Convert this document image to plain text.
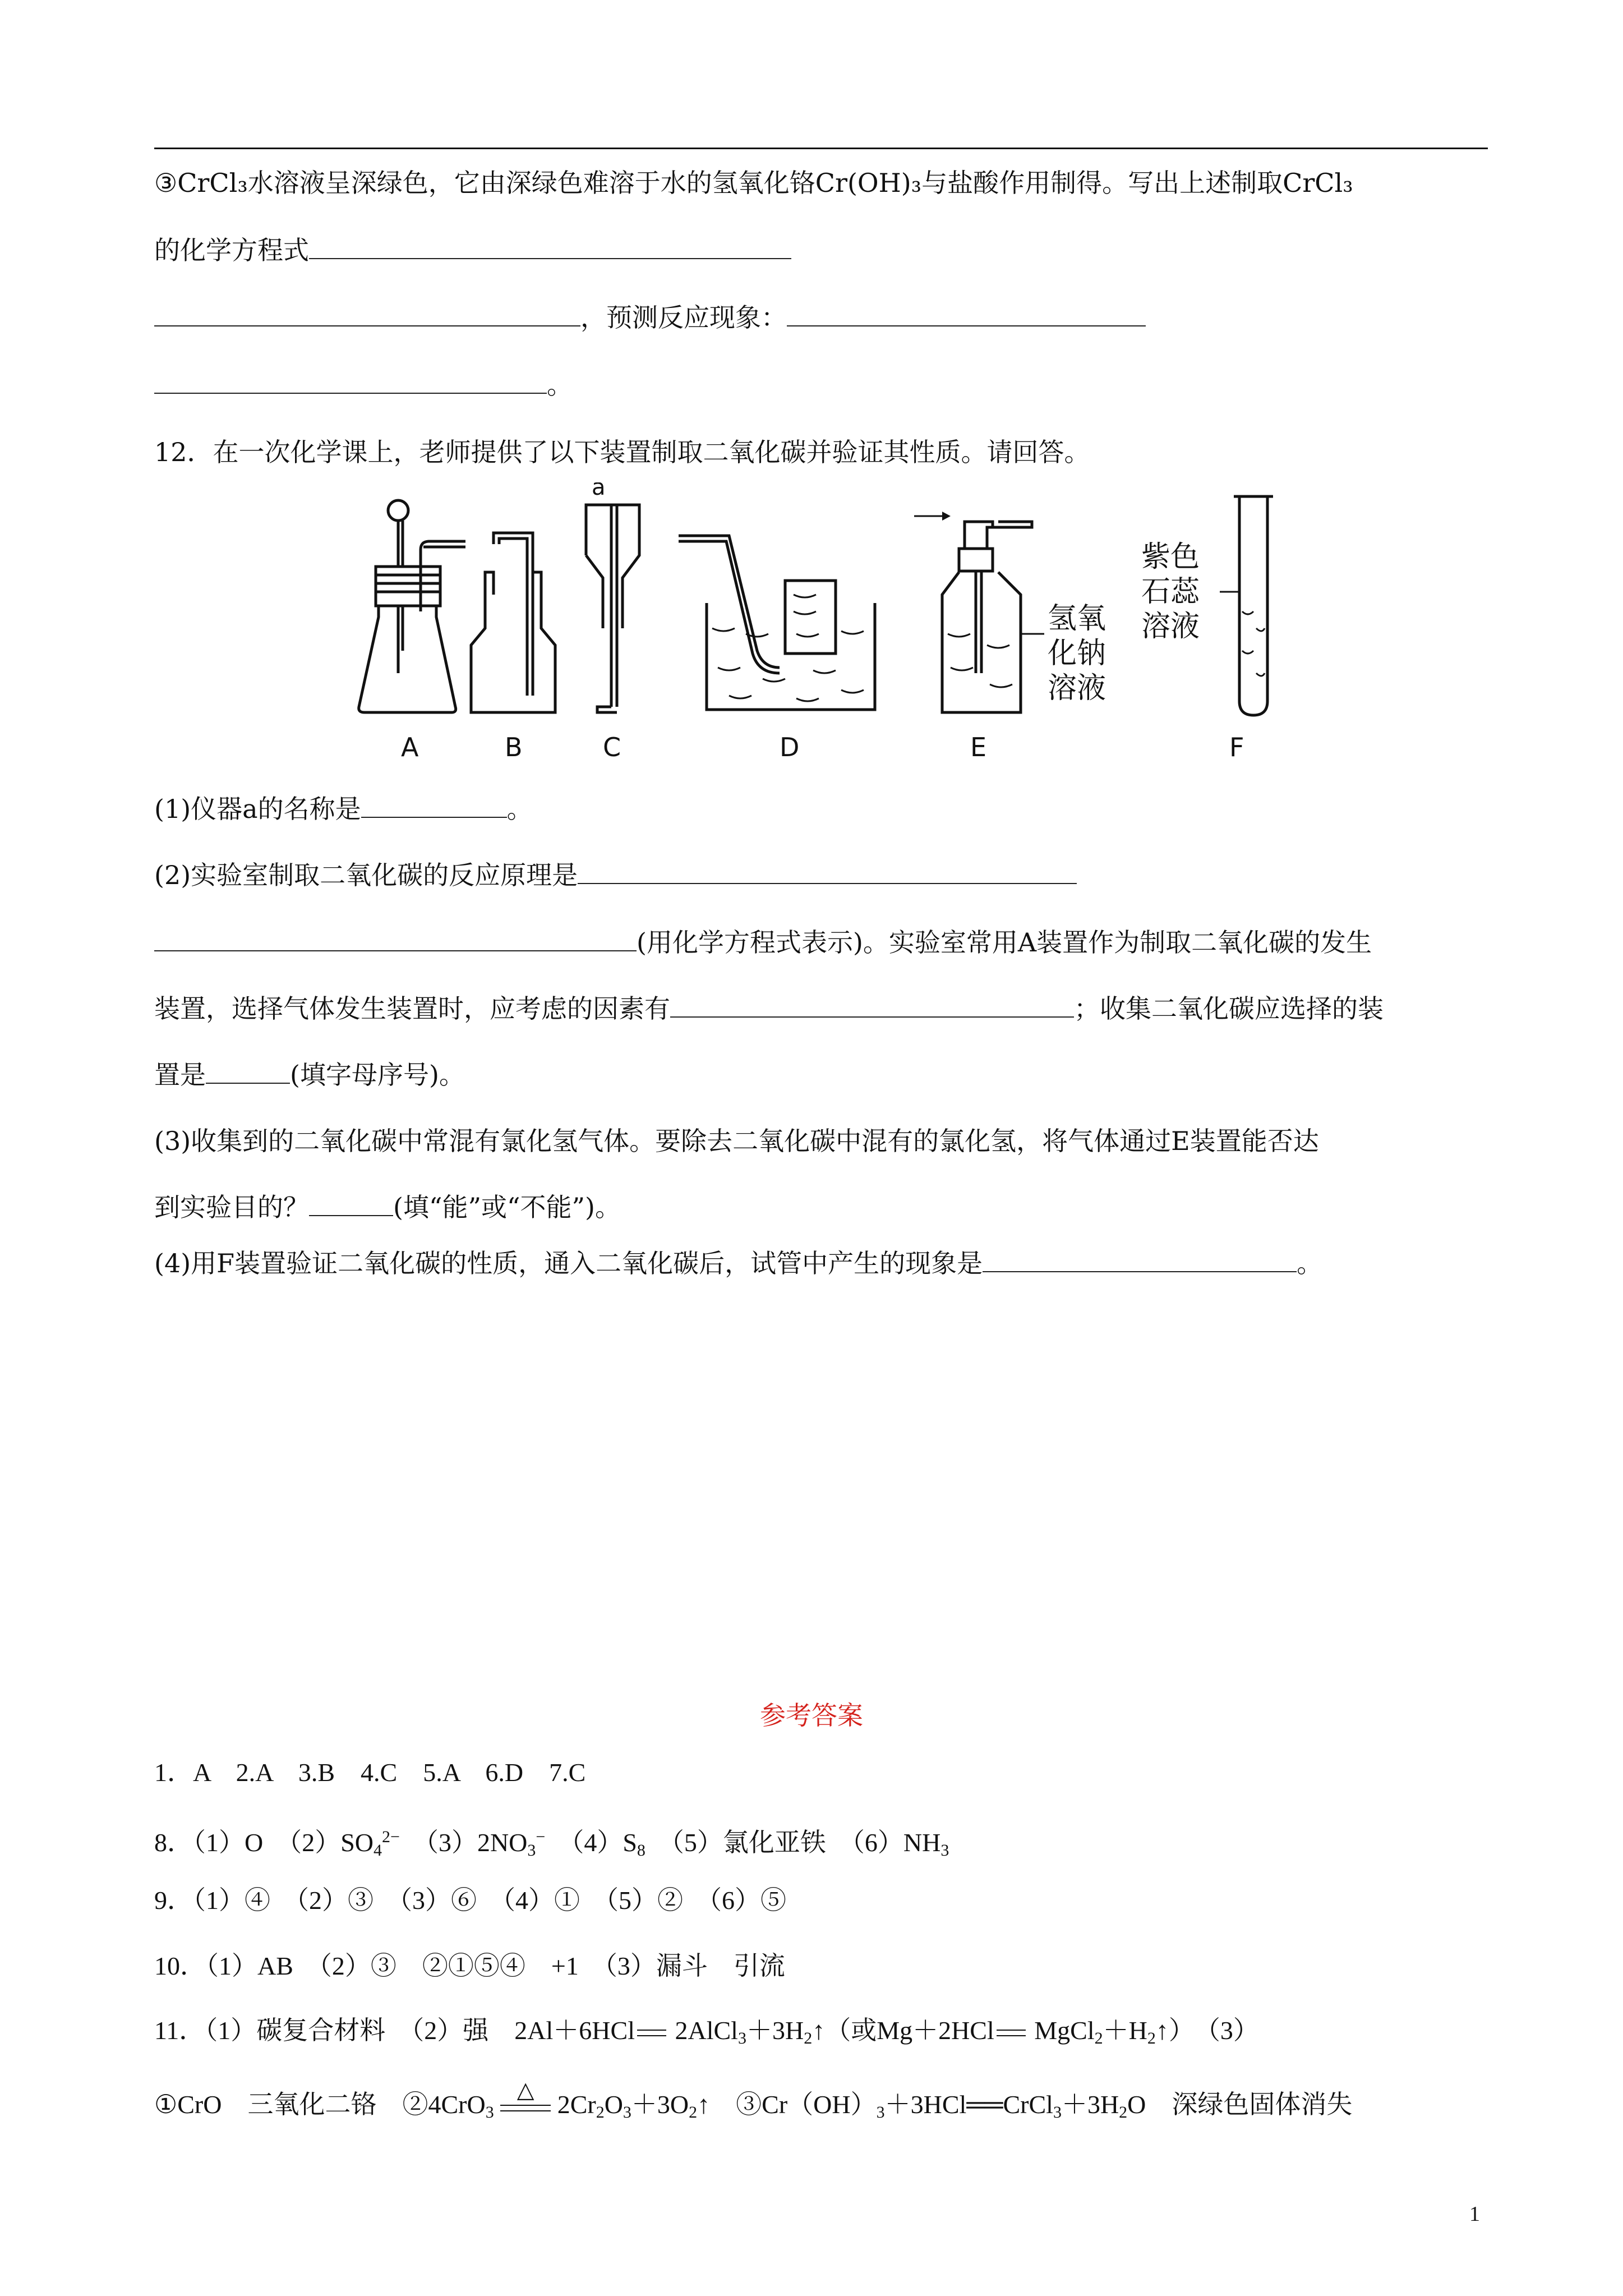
③CrCl₃水溶液呈深绿色，它由深绿色难溶于水的氢氧化铬Cr(OH)₃与盐酸作用制得。写出上述制取CrCl₃
的化学方程式
，预测反应现象：
。
12．在一次化学课上，老师提供了以下装置制取二氧化碳并验证其性质。请回答。
a
氢氧
化钠
溶液
紫色
石蕊
溶液
A	B	C	D	E	F
(1)仪器a的名称是	。
(2)实验室制取二氧化碳的反应原理是
(用化学方程式表示)。实验室常用A装置作为制取二氧化碳的发生
装置，选择气体发生装置时，应考虑的因素有	；收集二氧化碳应选择的装
置是	(填字母序号)。
(3)收集到的二氧化碳中常混有氯化氢气体。要除去二氧化碳中混有的氯化氢，将气体通过E装置能否达
到实验目的？	(填“能”或“不能”)。
(4)用F装置验证二氧化碳的性质，通入二氧化碳后，试管中产生的现象是	。
参考答案
1．A　2.A　3.B　4.C　5.A　6.D　7.C
8．（1）O　$(2)SO_4^{2-}$　$(3)2NO_3^-$　$(4)S_8$　（5）氯化亚铁　$(6)NH_3$
9．（1）④　（2）③　（3）⑥　（4）①　（5）②　（6）⑤
10．（1）AB　（2）③　②①⑤④　+1　（3）漏斗　引流
11．（1）碳复合材料　（2）强　2Al＋6HCl $2AlCl_3+3H_2↑$（或Mg＋2HCl $MgCl_2+H_2↑$）　（3）
①CrO　三氧化二铬　②4CrO$_3$
△
$2Cr_2O_3+3O_2↑$　$③Cr(OH)_3+3HCl══CrCl_3+3H_2O$　深绿色固体消失
1
